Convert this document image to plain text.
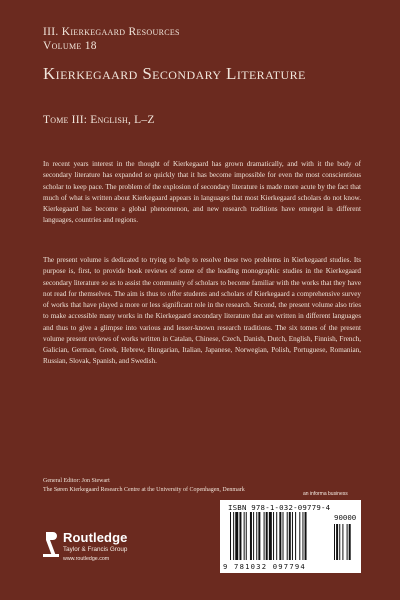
III. Kierkegaard Resources
Volume 18
Kierkegaard Secondary Literature
Tome III: English, L–Z
In recent years interest in the thought of Kierkegaard has grown dramatically, and with it the body of secondary literature has expanded so quickly that it has become impossible for even the most conscientious scholar to keep pace. The problem of the explosion of secondary literature is made more acute by the fact that much of what is written about Kierkegaard appears in languages that most Kierkegaard scholars do not know. Kierkegaard has become a global phenomenon, and new research traditions have emerged in different languages, countries and regions.
The present volume is dedicated to trying to help to resolve these two problems in Kierkegaard studies. Its purpose is, first, to provide book reviews of some of the leading monographic studies in the Kierkegaard secondary literature so as to assist the community of scholars to become familiar with the works that they have not read for themselves. The aim is thus to offer students and scholars of Kierkegaard a comprehensive survey of works that have played a more or less significant role in the research. Second, the present volume also tries to make accessible many works in the Kierkegaard secondary literature that are written in different languages and thus to give a glimpse into various and lesser-known research traditions. The six tomes of the present volume present reviews of works written in Catalan, Chinese, Czech, Danish, Dutch, English, Finnish, French, Galician, German, Greek, Hebrew, Hungarian, Italian, Japanese, Norwegian, Polish, Portuguese, Romanian, Russian, Slovak, Spanish, and Swedish.
General Editor: Jon Stewart
The Søren Kierkegaard Research Centre at the University of Copenhagen, Denmark
an informa business
ISBN 978-1-032-09779-4
90000
9 781032 097794
Routledge
Taylor & Francis Group
www.routledge.com
